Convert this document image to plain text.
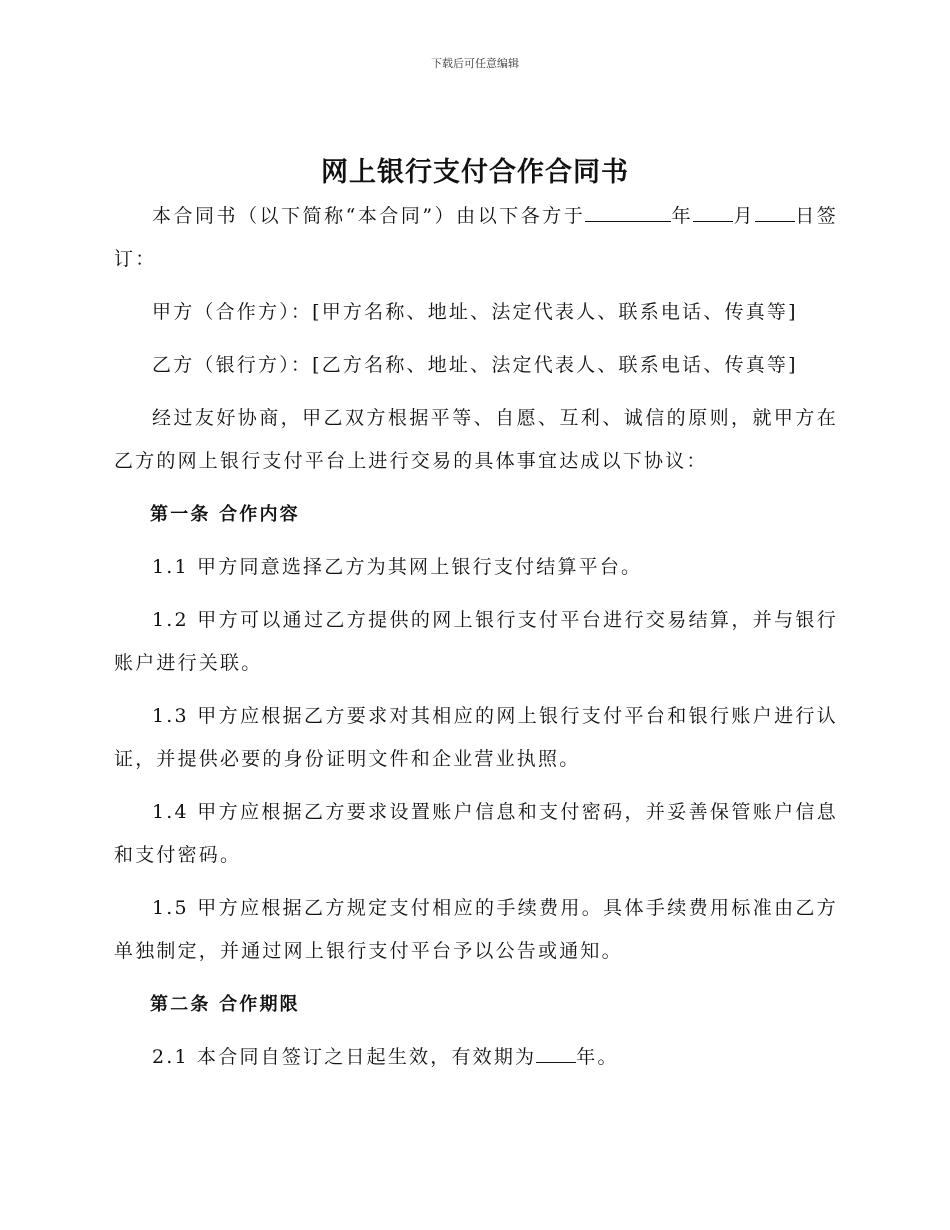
下载后可任意编辑
网上银行支付合作合同书

本合同书（以下简称“本合同”）由以下各方于	年 月 日签订：

甲方（合作方）：[甲方名称、地址、法定代表人、联系电话、传真等]

乙方（银行方）：[乙方名称、地址、法定代表人、联系电话、传真等]

经过友好协商，甲乙双方根据平等、自愿、互利、诚信的原则，就甲方在乙方的网上银行支付平台上进行交易的具体事宜达成以下协议：

第一条 合作内容

1.1 甲方同意选择乙方为其网上银行支付结算平台。

1.2 甲方可以通过乙方提供的网上银行支付平台进行交易结算，并与银行账户进行关联。

1.3 甲方应根据乙方要求对其相应的网上银行支付平台和银行账户进行认证，并提供必要的身份证明文件和企业营业执照。

1.4 甲方应根据乙方要求设置账户信息和支付密码，并妥善保管账户信息和支付密码。

1.5 甲方应根据乙方规定支付相应的手续费用。具体手续费用标准由乙方单独制定，并通过网上银行支付平台予以公告或通知。

第二条 合作期限

2.1 本合同自签订之日起生效，有效期为 年。
